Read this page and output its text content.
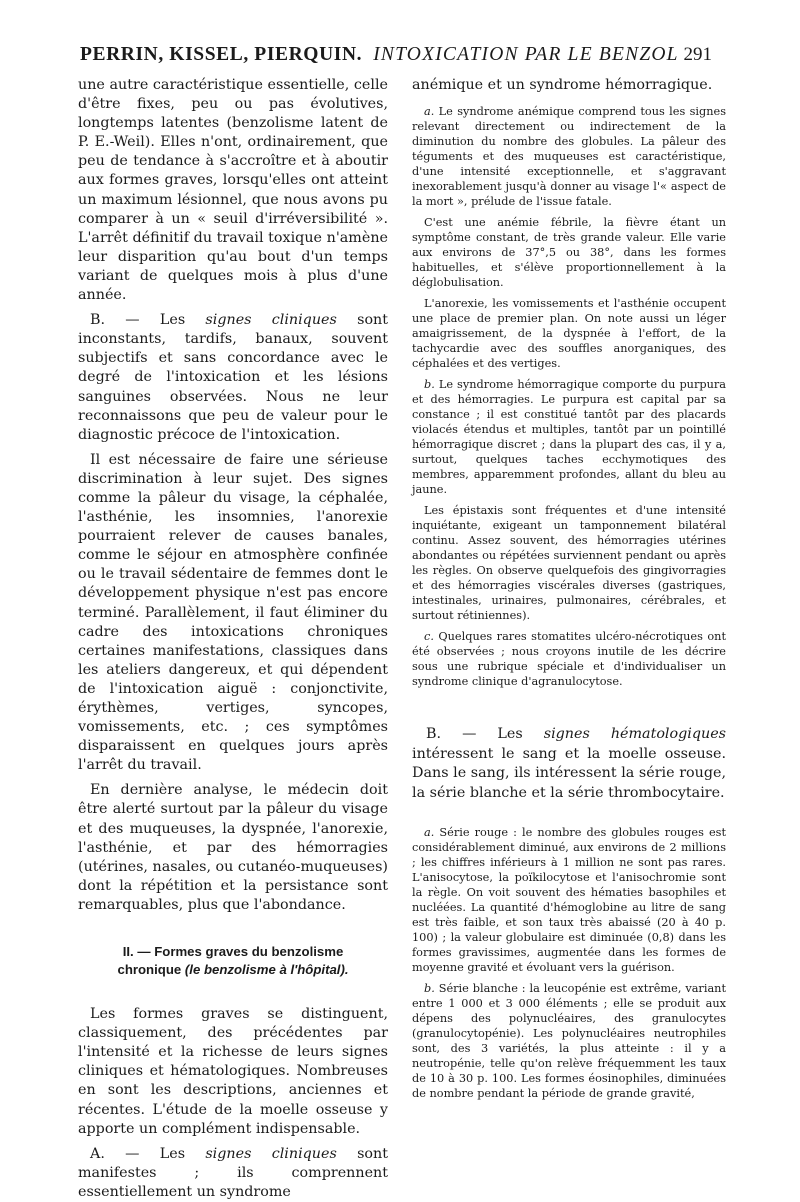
PERRIN, KISSEL, PIERQUIN. INTOXICATION PAR LE BENZOL 291

une autre caractéristique essentielle, celle d'être fixes, peu ou pas évolutives, longtemps latentes (benzolisme latent de P. E.-Weil). Elles n'ont, ordinairement, que peu de tendance à s'accroître et à aboutir aux formes graves, lorsqu'elles ont atteint un maximum lésionnel, que nous avons pu comparer à un « seuil d'irréversibilité ». L'arrêt définitif du travail toxique n'amène leur disparition qu'au bout d'un temps variant de quelques mois à plus d'une année.

B. — Les signes cliniques sont inconstants, tardifs, banaux, souvent subjectifs et sans concordance avec le degré de l'intoxication et les lésions sanguines observées. Nous ne leur reconnaissons que peu de valeur pour le diagnostic précoce de l'intoxication.

Il est nécessaire de faire une sérieuse discrimination à leur sujet. Des signes comme la pâleur du visage, la céphalée, l'asthénie, les insomnies, l'anorexie pourraient relever de causes banales, comme le séjour en atmosphère confinée ou le travail sédentaire de femmes dont le développement physique n'est pas encore terminé. Parallèlement, il faut éliminer du cadre des intoxications chroniques certaines manifestations, classiques dans les ateliers dangereux, et qui dépendent de l'intoxication aiguë : conjonctivite, érythèmes, vertiges, syncopes, vomissements, etc. ; ces symptômes disparaissent en quelques jours après l'arrêt du travail.

En dernière analyse, le médecin doit être alerté surtout par la pâleur du visage et des muqueuses, la dyspnée, l'anorexie, l'asthénie, et par des hémorragies (utérines, nasales, ou cutanéo-muqueuses) dont la répétition et la persistance sont remarquables, plus que l'abondance.

II. — Formes graves du benzolisme chronique (le benzolisme à l'hôpital).

Les formes graves se distinguent, classiquement, des précédentes par l'intensité et la richesse de leurs signes cliniques et hématologiques. Nombreuses en sont les descriptions, anciennes et récentes. L'étude de la moelle osseuse y apporte un complément indispensable.

A. — Les signes cliniques sont manifestes ; ils comprennent essentiellement un syndrome

anémique et un syndrome hémorragique.

a. Le syndrome anémique comprend tous les signes relevant directement ou indirectement de la diminution du nombre des globules. La pâleur des téguments et des muqueuses est caractéristique, d'une intensité exceptionnelle, et s'aggravant inexorablement jusqu'à donner au visage l'« aspect de la mort », prélude de l'issue fatale.

C'est une anémie fébrile, la fièvre étant un symptôme constant, de très grande valeur. Elle varie aux environs de 37°,5 ou 38°, dans les formes habituelles, et s'élève proportionnellement à la déglobulisation.

L'anorexie, les vomissements et l'asthénie occupent une place de premier plan. On note aussi un léger amaigrissement, de la dyspnée à l'effort, de la tachycardie avec des souffles anorganiques, des céphalées et des vertiges.

b. Le syndrome hémorragique comporte du purpura et des hémorragies. Le purpura est capital par sa constance ; il est constitué tantôt par des placards violacés étendus et multiples, tantôt par un pointillé hémorragique discret ; dans la plupart des cas, il y a, surtout, quelques taches ecchymotiques des membres, apparemment profondes, allant du bleu au jaune.

Les épistaxis sont fréquentes et d'une intensité inquiétante, exigeant un tamponnement bilatéral continu. Assez souvent, des hémorragies utérines abondantes ou répétées surviennent pendant ou après les règles. On observe quelquefois des gingivorragies et des hémorragies viscérales diverses (gastriques, intestinales, urinaires, pulmonaires, cérébrales, et surtout rétiniennes).

c. Quelques rares stomatites ulcéro-nécrotiques ont été observées ; nous croyons inutile de les décrire sous une rubrique spéciale et d'individualiser un syndrome clinique d'agranulocytose.

B. — Les signes hématologiques intéressent le sang et la moelle osseuse. Dans le sang, ils intéressent la série rouge, la série blanche et la série thrombocytaire.

a. Série rouge : le nombre des globules rouges est considérablement diminué, aux environs de 2 millions ; les chiffres inférieurs à 1 million ne sont pas rares. L'anisocytose, la poïkilocytose et l'anisochromie sont la règle. On voit souvent des hématies basophiles et nucléées. La quantité d'hémoglobine au litre de sang est très faible, et son taux très abaissé (20 à 40 p. 100) ; la valeur globulaire est diminuée (0,8) dans les formes gravissimes, augmentée dans les formes de moyenne gravité et évoluant vers la guérison.

b. Série blanche : la leucopénie est extrême, variant entre 1 000 et 3 000 éléments ; elle se produit aux dépens des polynucléaires, des granulocytes (granulocytopénie). Les polynucléaires neutrophiles sont, des 3 variétés, la plus atteinte : il y a neutropénie, telle qu'on relève fréquemment les taux de 10 à 30 p. 100. Les formes éosinophiles, diminuées de nombre pendant la période de grande gravité,
